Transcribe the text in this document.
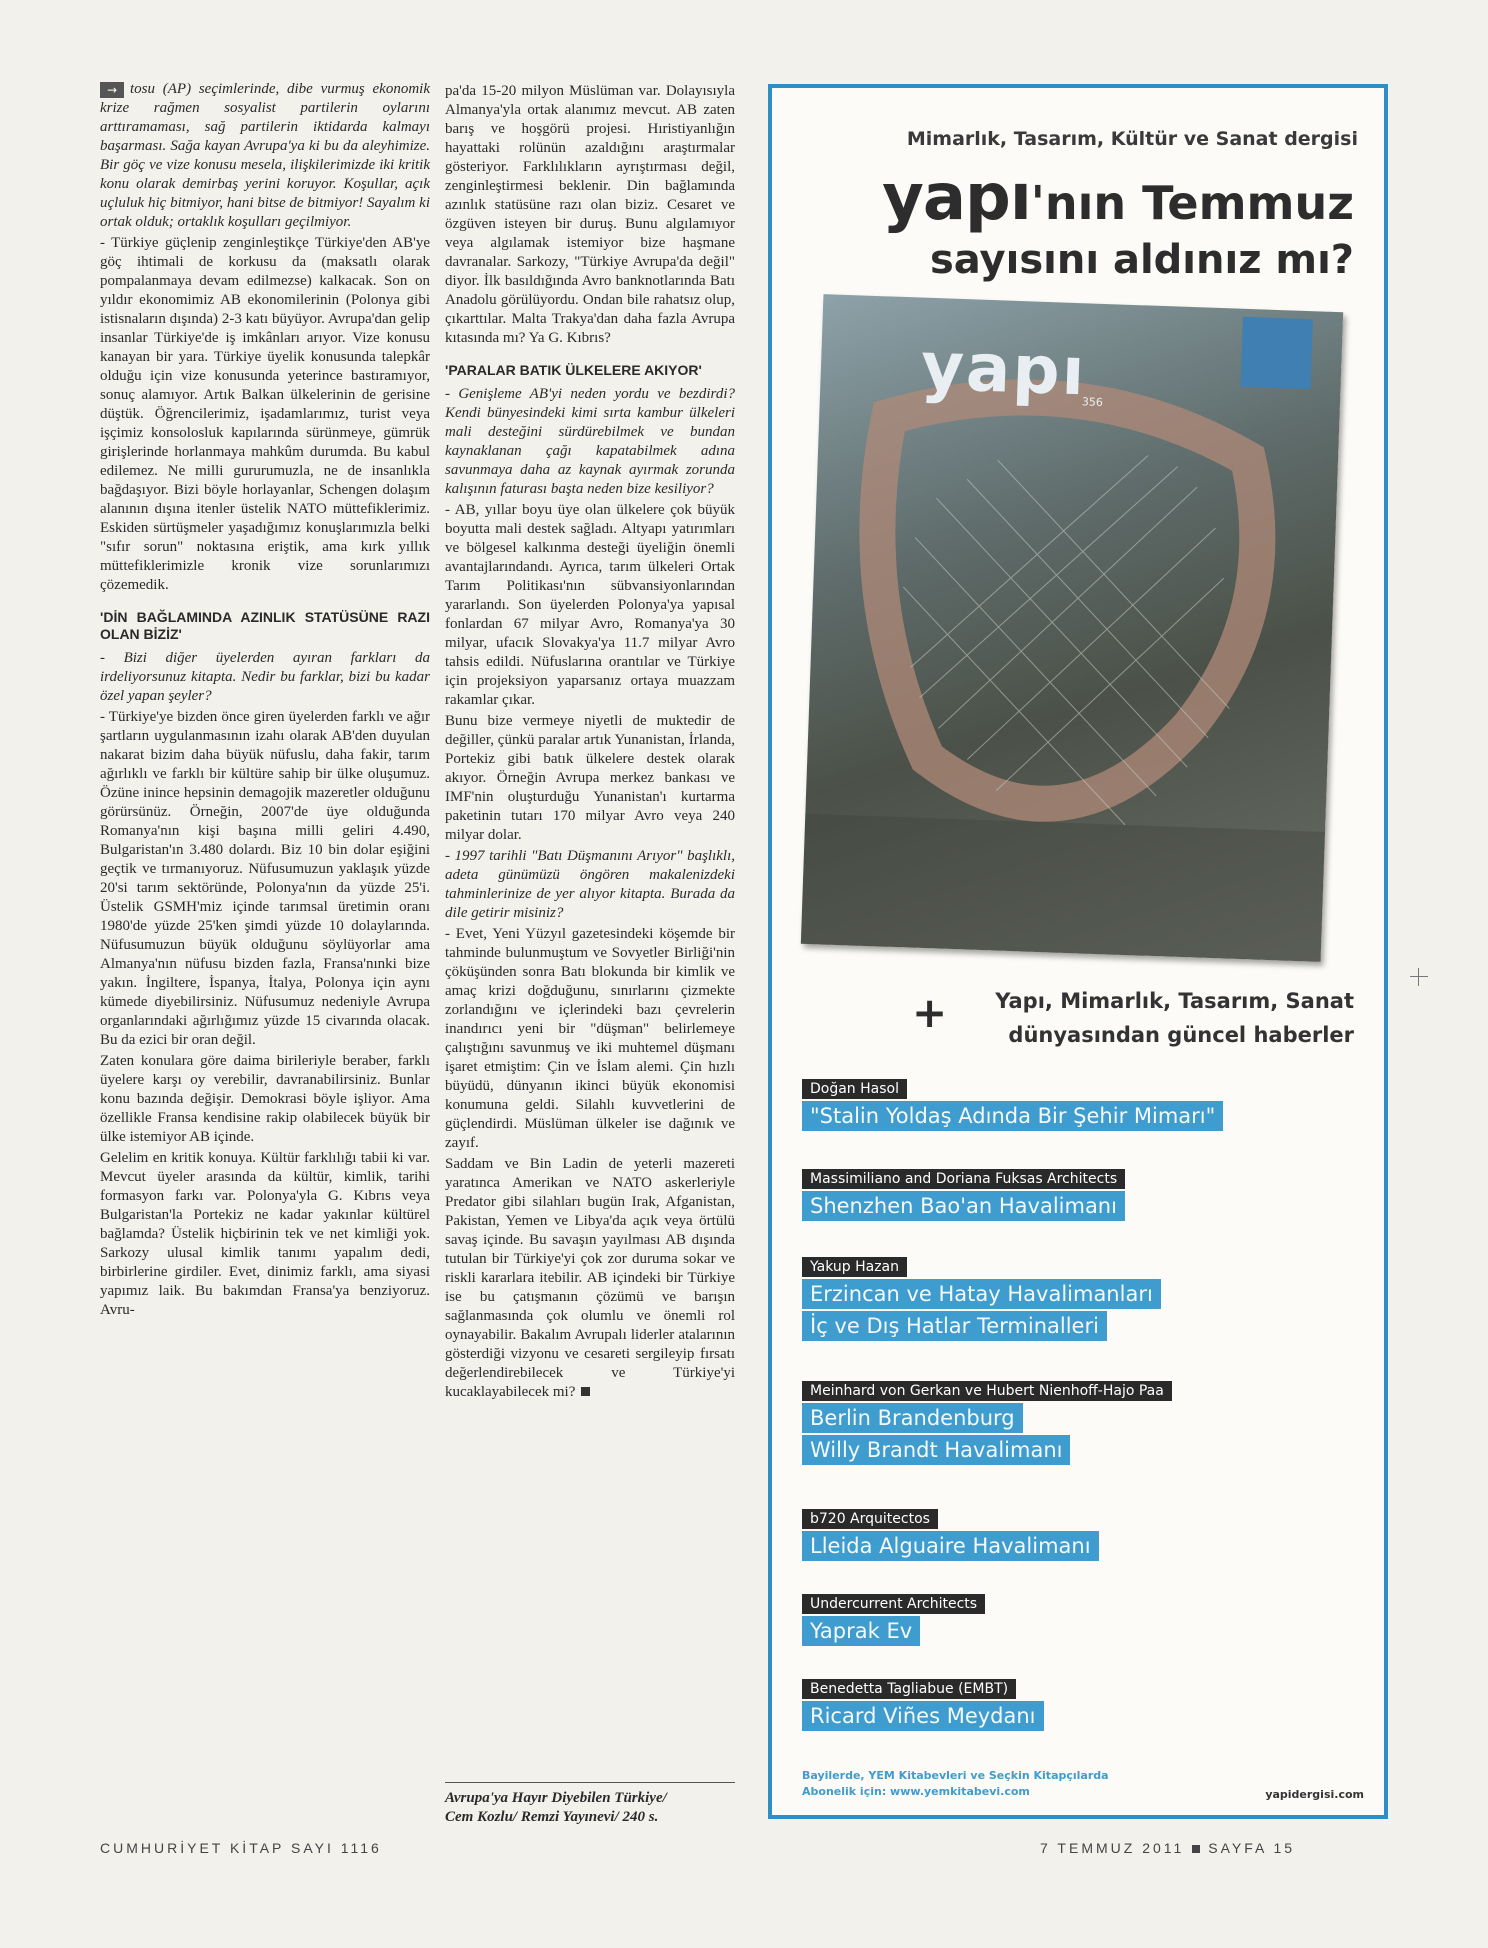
→ tosu (AP) seçimlerinde, dibe vurmuş ekonomik krize rağmen sosyalist partilerin oylarını arttıramaması, sağ partilerin iktidarda kalmayı başarması. Sağa kayan Avrupa'ya ki bu da aleyhimize. Bir göç ve vize konusu mesela, ilişkilerimizde iki kritik konu olarak demirbaş yerini koruyor. Koşullar, açık uçluluk hiç bitmiyor, hani bitse de bitmiyor! Sayalım ki ortak olduk; ortaklık koşulları geçilmiyor.

- Türkiye güçlenip zenginleştikçe Türkiye'den AB'ye göç ihtimali de korkusu da (maksatlı olarak pompalanmaya devam edilmezse) kalkacak. Son on yıldır ekonomimiz AB ekonomilerinin (Polonya gibi istisnaların dışında) 2-3 katı büyüyor. Avrupa'dan gelip insanlar Türkiye'de iş imkânları arıyor. Vize konusu kanayan bir yara. Türkiye üyelik konusunda talepkâr olduğu için vize konusunda yeterince bastıramıyor, sonuç alamıyor. Artık Balkan ülkelerinin de gerisine düştük. Öğrencilerimiz, işadamlarımız, turist veya işçimiz konsolosluk kapılarında sürünmeye, gümrük girişlerinde horlanmaya mahkûm durumda. Bu kabul edilemez. Ne milli gururumuzla, ne de insanlıkla bağdaşıyor. Bizi böyle horlayanlar, Schengen dolaşım alanının dışına itenler üstelik NATO müttefiklerimiz. Eskiden sürtüşmeler yaşadığımız konuşlarımızla belki "sıfır sorun" noktasına eriştik, ama kırk yıllık müttefiklerimizle kronik vize sorunlarımızı çözemedik.

'DİN BAĞLAMINDA AZINLIK STATÜSÜNE RAZI OLAN BİZİZ'

- Bizi diğer üyelerden ayıran farkları da irdeliyorsunuz kitapta. Nedir bu farklar, bizi bu kadar özel yapan şeyler?

- Türkiye'ye bizden önce giren üyelerden farklı ve ağır şartların uygulanmasının izahı olarak AB'den duyulan nakarat bizim daha büyük nüfuslu, daha fakir, tarım ağırlıklı ve farklı bir kültüre sahip bir ülke oluşumuz. Özüne inince hepsinin demagojik mazeretler olduğunu görürsünüz. Örneğin, 2007'de üye olduğunda Romanya'nın kişi başına milli geliri 4.490, Bulgaristan'ın 3.480 dolardı. Biz 10 bin dolar eşiğini geçtik ve tırmanıyoruz. Nüfusumuzun yaklaşık yüzde 20'si tarım sektöründe, Polonya'nın da yüzde 25'i. Üstelik GSMH'miz içinde tarımsal üretimin oranı 1980'de yüzde 25'ken şimdi yüzde 10 dolaylarında. Nüfusumuzun büyük olduğunu söylüyorlar ama Almanya'nın nüfusu bizden fazla, Fransa'nınki bize yakın. İngiltere, İspanya, İtalya, Polonya için aynı kümede diyebilirsiniz. Nüfusumuz nedeniyle Avrupa organlarındaki ağırlığımız yüzde 15 civarında olacak. Bu da ezici bir oran değil.

Zaten konulara göre daima birileriyle beraber, farklı üyelere karşı oy verebilir, davranabilirsiniz. Bunlar konu bazında değişir. Demokrasi böyle işliyor. Ama özellikle Fransa kendisine rakip olabilecek büyük bir ülke istemiyor AB içinde.

Gelelim en kritik konuya. Kültür farklılığı tabii ki var. Mevcut üyeler arasında da kültür, kimlik, tarihi formasyon farkı var. Polonya'yla G. Kıbrıs veya Bulgaristan'la Portekiz ne kadar yakınlar kültürel bağlamda? Üstelik hiçbirinin tek ve net kimliği yok. Sarkozy ulusal kimlik tanımı yapalım dedi, birbirlerine girdiler. Evet, dinimiz farklı, ama siyasi yapımız laik. Bu bakımdan Fransa'ya benziyoruz. Avru-

pa'da 15-20 milyon Müslüman var. Dolayısıyla Almanya'yla ortak alanımız mevcut. AB zaten barış ve hoşgörü projesi. Hıristiyanlığın hayattaki rolünün azaldığını araştırmalar gösteriyor. Farklılıkların ayrıştırması değil, zenginleştirmesi beklenir. Din bağlamında azınlık statüsüne razı olan biziz. Cesaret ve özgüven isteyen bir duruş. Bunu algılamıyor veya algılamak istemiyor bize haşmane davranalar. Sarkozy, "Türkiye Avrupa'da değil" diyor. İlk basıldığında Avro banknotlarında Batı Anadolu görülüyordu. Ondan bile rahatsız olup, çıkarttılar. Malta Trakya'dan daha fazla Avrupa kıtasında mı? Ya G. Kıbrıs?

'PARALAR BATIK ÜLKELERE AKIYOR'

- Genişleme AB'yi neden yordu ve bezdirdi? Kendi bünyesindeki kimi sırta kambur ülkeleri mali desteğini sürdürebilmek ve bundan kaynaklanan çağı kapatabilmek adına savunmaya daha az kaynak ayırmak zorunda kalışının faturası başta neden bize kesiliyor?

- AB, yıllar boyu üye olan ülkelere çok büyük boyutta mali destek sağladı. Altyapı yatırımları ve bölgesel kalkınma desteği üyeliğin önemli avantajlarındandı. Ayrıca, tarım ülkeleri Ortak Tarım Politikası'nın sübvansiyonlarından yararlandı. Son üyelerden Polonya'ya yapısal fonlardan 67 milyar Avro, Romanya'ya 30 milyar, ufacık Slovakya'ya 11.7 milyar Avro tahsis edildi. Nüfuslarına orantılar ve Türkiye için projeksiyon yaparsanız ortaya muazzam rakamlar çıkar.

Bunu bize vermeye niyetli de muktedir de değiller, çünkü paralar artık Yunanistan, İrlanda, Portekiz gibi batık ülkelere destek olarak akıyor. Örneğin Avrupa merkez bankası ve IMF'nin oluşturduğu Yunanistan'ı kurtarma paketinin tutarı 170 milyar Avro veya 240 milyar dolar.

- 1997 tarihli "Batı Düşmanını Arıyor" başlıklı, adeta günümüzü öngören makalenizdeki tahminlerinize de yer alıyor kitapta. Burada da dile getirir misiniz?

- Evet, Yeni Yüzyıl gazetesindeki köşemde bir tahminde bulunmuştum ve Sovyetler Birliği'nin çöküşünden sonra Batı blokunda bir kimlik ve amaç krizi doğduğunu, sınırlarını çizmekte zorlandığını ve içlerindeki bazı çevrelerin inandırıcı yeni bir "düşman" belirlemeye çalıştığını savunmuş ve iki muhtemel düşmanı işaret etmiştim: Çin ve İslam alemi. Çin hızlı büyüdü, dünyanın ikinci büyük ekonomisi konumuna geldi. Silahlı kuvvetlerini de güçlendirdi. Müslüman ülkeler ise dağınık ve zayıf.

Saddam ve Bin Ladin de yeterli mazereti yaratınca Amerikan ve NATO askerleriyle Predator gibi silahları bugün Irak, Afganistan, Pakistan, Yemen ve Libya'da açık veya örtülü savaş içinde. Bu savaşın yayılması AB dışında tutulan bir Türkiye'yi çok zor duruma sokar ve riskli kararlara itebilir. AB içindeki bir Türkiye ise bu çatışmanın çözümü ve barışın sağlanmasında çok olumlu ve önemli rol oynayabilir. Bakalım Avrupalı liderler atalarının gösterdiği vizyonu ve cesareti sergileyip fırsatı değerlendirebilecek ve Türkiye'yi kucaklayabilecek mi?

Avrupa'ya Hayır Diyebilen Türkiye/
Cem Kozlu/ Remzi Yayınevi/ 240 s.
Mimarlık, Tasarım, Kültür ve Sanat dergisi
yapı'nın Temmuz
sayısını aldınız mı?
yapı
356
+ Yapı, Mimarlık, Tasarım, Sanat
dünyasından güncel haberler
Doğan Hasol
"Stalin Yoldaş Adında Bir Şehir Mimarı"
Massimiliano and Doriana Fuksas Architects
Shenzhen Bao'an Havalimanı
Yakup Hazan
Erzincan ve Hatay Havalimanları
İç ve Dış Hatlar Terminalleri
Meinhard von Gerkan ve Hubert Nienhoff-Hajo Paa
Berlin Brandenburg
Willy Brandt Havalimanı
b720 Arquitectos
Lleida Alguaire Havalimanı
Undercurrent Architects
Yaprak Ev
Benedetta Tagliabue (EMBT)
Ricard Viñes Meydanı
Bayilerde, YEM Kitabevleri ve Seçkin Kitapçılarda
Abonelik için: www.yemkitabevi.com	yapidergisi.com
CUMHURİYET KİTAP SAYI 1116	7 TEMMUZ 2011 SAYFA 15
